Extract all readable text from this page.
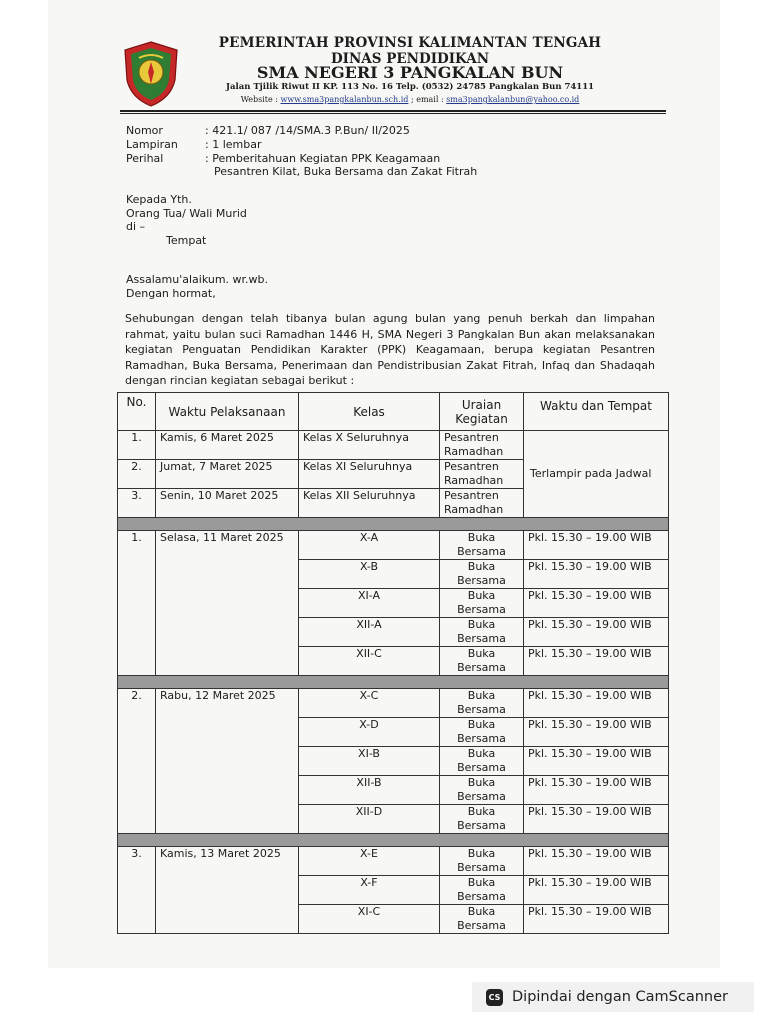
PEMERINTAH PROVINSI KALIMANTAN TENGAH
DINAS PENDIDIKAN
SMA NEGERI 3 PANGKALAN BUN
Jalan Tjilik Riwut II KP. 113 No. 16 Telp. (0532) 24785 Pangkalan Bun 74111
Website : www.sma3pangkalanbun.sch.id ; email : sma3pangkalanbun@yahoo.co.id
Nomor	: 421.1/ 087 /14/SMA.3 P.Bun/ II/2025
Lampiran : 1 lembar
Perihal	: Pemberitahuan Kegiatan PPK Keagamaan
Pesantren Kilat, Buka Bersama dan Zakat Fitrah
Kepada Yth.
Orang Tua/ Wali Murid
di –
Tempat
Assalamu'alaikum. wr.wb.
Dengan hormat,
Sehubungan dengan telah tibanya bulan agung bulan yang penuh berkah dan limpahan
rahmat, yaitu bulan suci Ramadhan 1446 H, SMA Negeri 3 Pangkalan Bun akan melaksanakan
kegiatan Penguatan Pendidikan Karakter (PPK) Keagamaan, berupa kegiatan Pesantren
Ramadhan, Buka Bersama, Penerimaan dan Pendistribusian Zakat Fitrah, Infaq dan Shadaqah
dengan rincian kegiatan sebagai berikut :
No.	Waktu Pelaksanaan	Kelas	Uraian Kegiatan	Waktu dan Tempat
1.	Kamis, 6 Maret 2025	Kelas X Seluruhnya	Pesantren Ramadhan	Terlampir pada Jadwal
2.	Jumat, 7 Maret 2025	Kelas XI Seluruhnya	Pesantren Ramadhan	
3.	Senin, 10 Maret 2025	Kelas XII Seluruhnya	Pesantren Ramadhan	

1.	Selasa, 11 Maret 2025	X-A	Buka Bersama	Pkl. 15.30 – 19.00 WIB
		X-B	Buka Bersama	Pkl. 15.30 – 19.00 WIB
		XI-A	Buka Bersama	Pkl. 15.30 – 19.00 WIB
		XII-A	Buka Bersama	Pkl. 15.30 – 19.00 WIB
		XII-C	Buka Bersama	Pkl. 15.30 – 19.00 WIB

2.	Rabu, 12 Maret 2025	X-C	Buka Bersama	Pkl. 15.30 – 19.00 WIB
		X-D	Buka Bersama	Pkl. 15.30 – 19.00 WIB
		XI-B	Buka Bersama	Pkl. 15.30 – 19.00 WIB
		XII-B	Buka Bersama	Pkl. 15.30 – 19.00 WIB
		XII-D	Buka Bersama	Pkl. 15.30 – 19.00 WIB

3.	Kamis, 13 Maret 2025	X-E	Buka Bersama	Pkl. 15.30 – 19.00 WIB
		X-F	Buka Bersama	Pkl. 15.30 – 19.00 WIB
		XI-C	Buka Bersama	Pkl. 15.30 – 19.00 WIB
CS Dipindai dengan CamScanner
